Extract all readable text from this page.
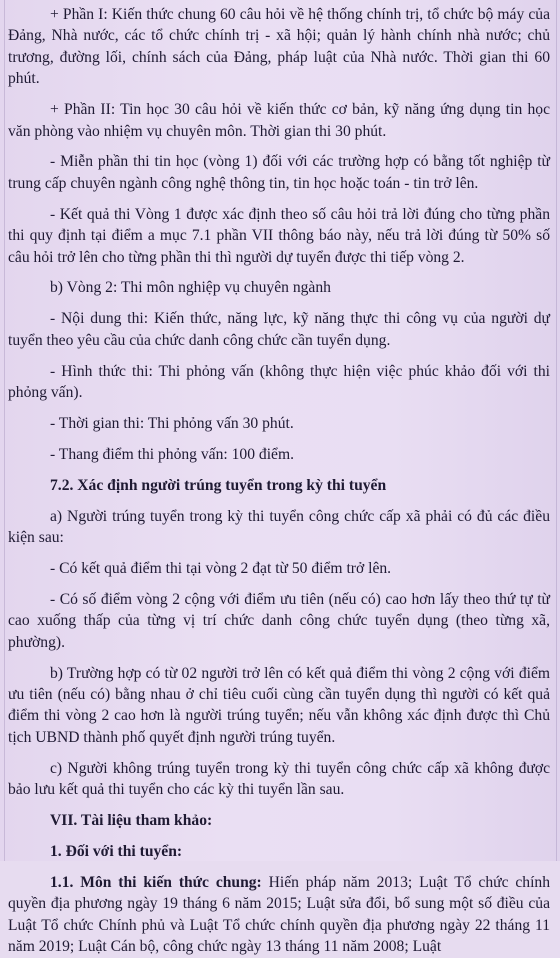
+ Phần I: Kiến thức chung 60 câu hỏi về hệ thống chính trị, tổ chức bộ máy của Đảng, Nhà nước, các tổ chức chính trị - xã hội; quản lý hành chính nhà nước; chủ trương, đường lối, chính sách của Đảng, pháp luật của Nhà nước. Thời gian thi 60 phút.

+ Phần II: Tin học 30 câu hỏi về kiến thức cơ bản, kỹ năng ứng dụng tin học văn phòng vào nhiệm vụ chuyên môn. Thời gian thi 30 phút.

- Miễn phần thi tin học (vòng 1) đối với các trường hợp có bằng tốt nghiệp từ trung cấp chuyên ngành công nghệ thông tin, tin học hoặc toán - tin trở lên.

- Kết quả thi Vòng 1 được xác định theo số câu hỏi trả lời đúng cho từng phần thi quy định tại điểm a mục 7.1 phần VII thông báo này, nếu trả lời đúng từ 50% số câu hỏi trở lên cho từng phần thi thì người dự tuyển được thi tiếp vòng 2.

b) Vòng 2: Thi môn nghiệp vụ chuyên ngành

- Nội dung thi: Kiến thức, năng lực, kỹ năng thực thi công vụ của người dự tuyển theo yêu cầu của chức danh công chức cần tuyển dụng.

- Hình thức thi: Thi phỏng vấn (không thực hiện việc phúc khảo đối với thi phỏng vấn).

- Thời gian thi: Thi phỏng vấn 30 phút.

- Thang điểm thi phỏng vấn: 100 điểm.

7.2. Xác định người trúng tuyển trong kỳ thi tuyển

a) Người trúng tuyển trong kỳ thi tuyển công chức cấp xã phải có đủ các điều kiện sau:

- Có kết quả điểm thi tại vòng 2 đạt từ 50 điểm trở lên.

- Có số điểm vòng 2 cộng với điểm ưu tiên (nếu có) cao hơn lấy theo thứ tự từ cao xuống thấp của từng vị trí chức danh công chức tuyển dụng (theo từng xã, phường).

b) Trường hợp có từ 02 người trở lên có kết quả điểm thi vòng 2 cộng với điểm ưu tiên (nếu có) bằng nhau ở chỉ tiêu cuối cùng cần tuyển dụng thì người có kết quả điểm thi vòng 2 cao hơn là người trúng tuyển; nếu vẫn không xác định được thì Chủ tịch UBND thành phố quyết định người trúng tuyển.

c) Người không trúng tuyển trong kỳ thi tuyển công chức cấp xã không được bảo lưu kết quả thi tuyển cho các kỳ thi tuyển lần sau.

VII. Tài liệu tham khảo:

1. Đối với thi tuyển:

1.1. Môn thi kiến thức chung: Hiến pháp năm 2013; Luật Tổ chức chính quyền địa phương ngày 19 tháng 6 năm 2015; Luật sửa đổi, bổ sung một số điều của Luật Tổ chức Chính phủ và Luật Tổ chức chính quyền địa phương ngày 22 tháng 11 năm 2019; Luật Cán bộ, công chức ngày 13 tháng 11 năm 2008; Luật
